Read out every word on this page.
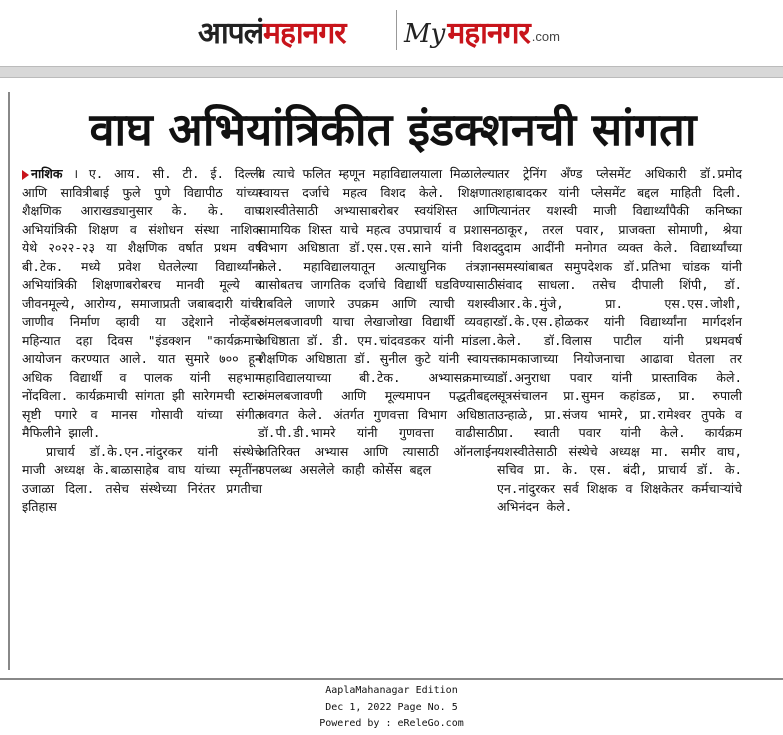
आपलं महानगर My महानगर .com
वाघ अभियांत्रिकीत इंडक्शनची सांगता

नाशिक । ए. आय. सी. टी. ई. दिल्ली आणि सावित्रीबाई फुले पुणे विद्यापीठ यांच्या शैक्षणिक आराखड्यानुसार के. के. वाघ अभियांत्रिकी शिक्षण व संशोधन संस्था नाशिक येथे २०२२-२३ या शैक्षणिक वर्षात प्रथम वर्ष बी.टेक. मध्ये प्रवेश घेतलेल्या विद्यार्थ्यांना अभियांत्रिकी शिक्षणाबरोबरच मानवी मूल्ये व जीवनमूल्ये, आरोग्य, समाजाप्रती जबाबदारी यांची जाणीव निर्माण व्हावी या उद्देशाने नोव्हेंबर महिन्यात दहा दिवस "इंडक्शन "कार्यक्रमाचे आयोजन करण्यात आले. यात सुमारे ७०० हून अधिक विद्यार्थी व पालक यांनी सहभाग नोंदविला. कार्यक्रमाची सांगता झी सारेगमची स्टार सृष्टी पगारे व मानस गोसावी यांच्या संगीत मैफिलीने झाली.

प्राचार्य डॉ.के.एन.नांदुरकर यांनी संस्थेचे माजी अध्यक्ष के.बाळासाहेब वाघ यांच्या स्मृतींना उजाळा दिला. तसेच संस्थेच्या निरंतर प्रगतीचा इतिहास

व त्याचे फलित म्हणून महाविद्यालयाला मिळालेल्या स्वायत्त दर्जाचे महत्व विशद केले. शिक्षणात यशस्वीतेसाठी अभ्यासाबरोबर स्वयंशिस्त आणि सामायिक शिस्त याचे महत्व उपप्राचार्य व प्रशासन विभाग अधिष्ठाता डॉ.एस.एस.साने यांनी विशद केले. महाविद्यालयातून अत्याधुनिक तंत्रज्ञान यासोबतच जागतिक दर्जाचे विद्यार्थी घडविण्यासाठी राबविले जाणारे उपक्रम आणि त्याची यशस्वी अंमलबजावणी याचा लेखाजोखा विद्यार्थी व्यवहार अधिष्ठाता डॉ. डी. एम.चांदवडकर यांनी मांडला. शैक्षणिक अधिष्ठाता डॉ. सुनील कुटे यांनी स्वायत्त महाविद्यालयाच्या बी.टेक. अभ्यासक्रमाच्या अंमलबजावणी आणि मूल्यमापन पद्धतीबद्दल अवगत केले. अंतर्गत गुणवत्ता विभाग अधिष्ठाता डॉ.पी.डी.भामरे यांनी गुणवत्ता वाढीसाठी अतिरिक्त अभ्यास आणि त्यासाठी ऑनलाईन उपलब्ध असलेले काही कोर्सेस बद्दल

तर ट्रेनिंग अँण्ड प्लेसमेंट अधिकारी डॉ.प्रमोद शहाबादकर यांनी प्लेसमेंट बद्दल माहिती दिली. त्यानंतर यशस्वी माजी विद्यार्थ्यांपैकी कनिष्का ठाकूर, तरल पवार, प्राजक्ता सोमाणी, श्रेया दुदाम आदींनी मनोगत व्यक्त केले. विद्यार्थ्यांच्या समस्यांबाबत समुपदेशक डॉ.प्रतिभा चांडक यांनी संवाद साधला. तसेच दीपाली शिंपी, डॉ. आर.के.मुंजे, प्रा. एस.एस.जोशी, डॉ.के.एस.होळकर यांनी विद्यार्थ्यांना मार्गदर्शन केले. डॉ.विलास पाटील यांनी प्रथमवर्ष कामकाजाच्या नियोजनाचा आढावा घेतला तर डॉ.अनुराधा पवार यांनी प्रास्ताविक केले. सूत्रसंचालन प्रा.सुमन कहांडळ, प्रा. रुपाली उन्हाळे, प्रा.संजय भामरे, प्रा.रामेश्वर तुपके व प्रा. स्वाती पवार यांनी केले. कार्यक्रम यशस्वीतेसाठी संस्थेचे अध्यक्ष मा. समीर वाघ, सचिव प्रा. के. एस. बंदी, प्राचार्य डॉ. के. एन.नांदुरकर सर्व शिक्षक व शिक्षकेतर कर्मचाऱ्यांचे अभिनंदन केले.

AaplaMahanagar Edition
Dec 1, 2022 Page No. 5
Powered by : eReleGo.com
